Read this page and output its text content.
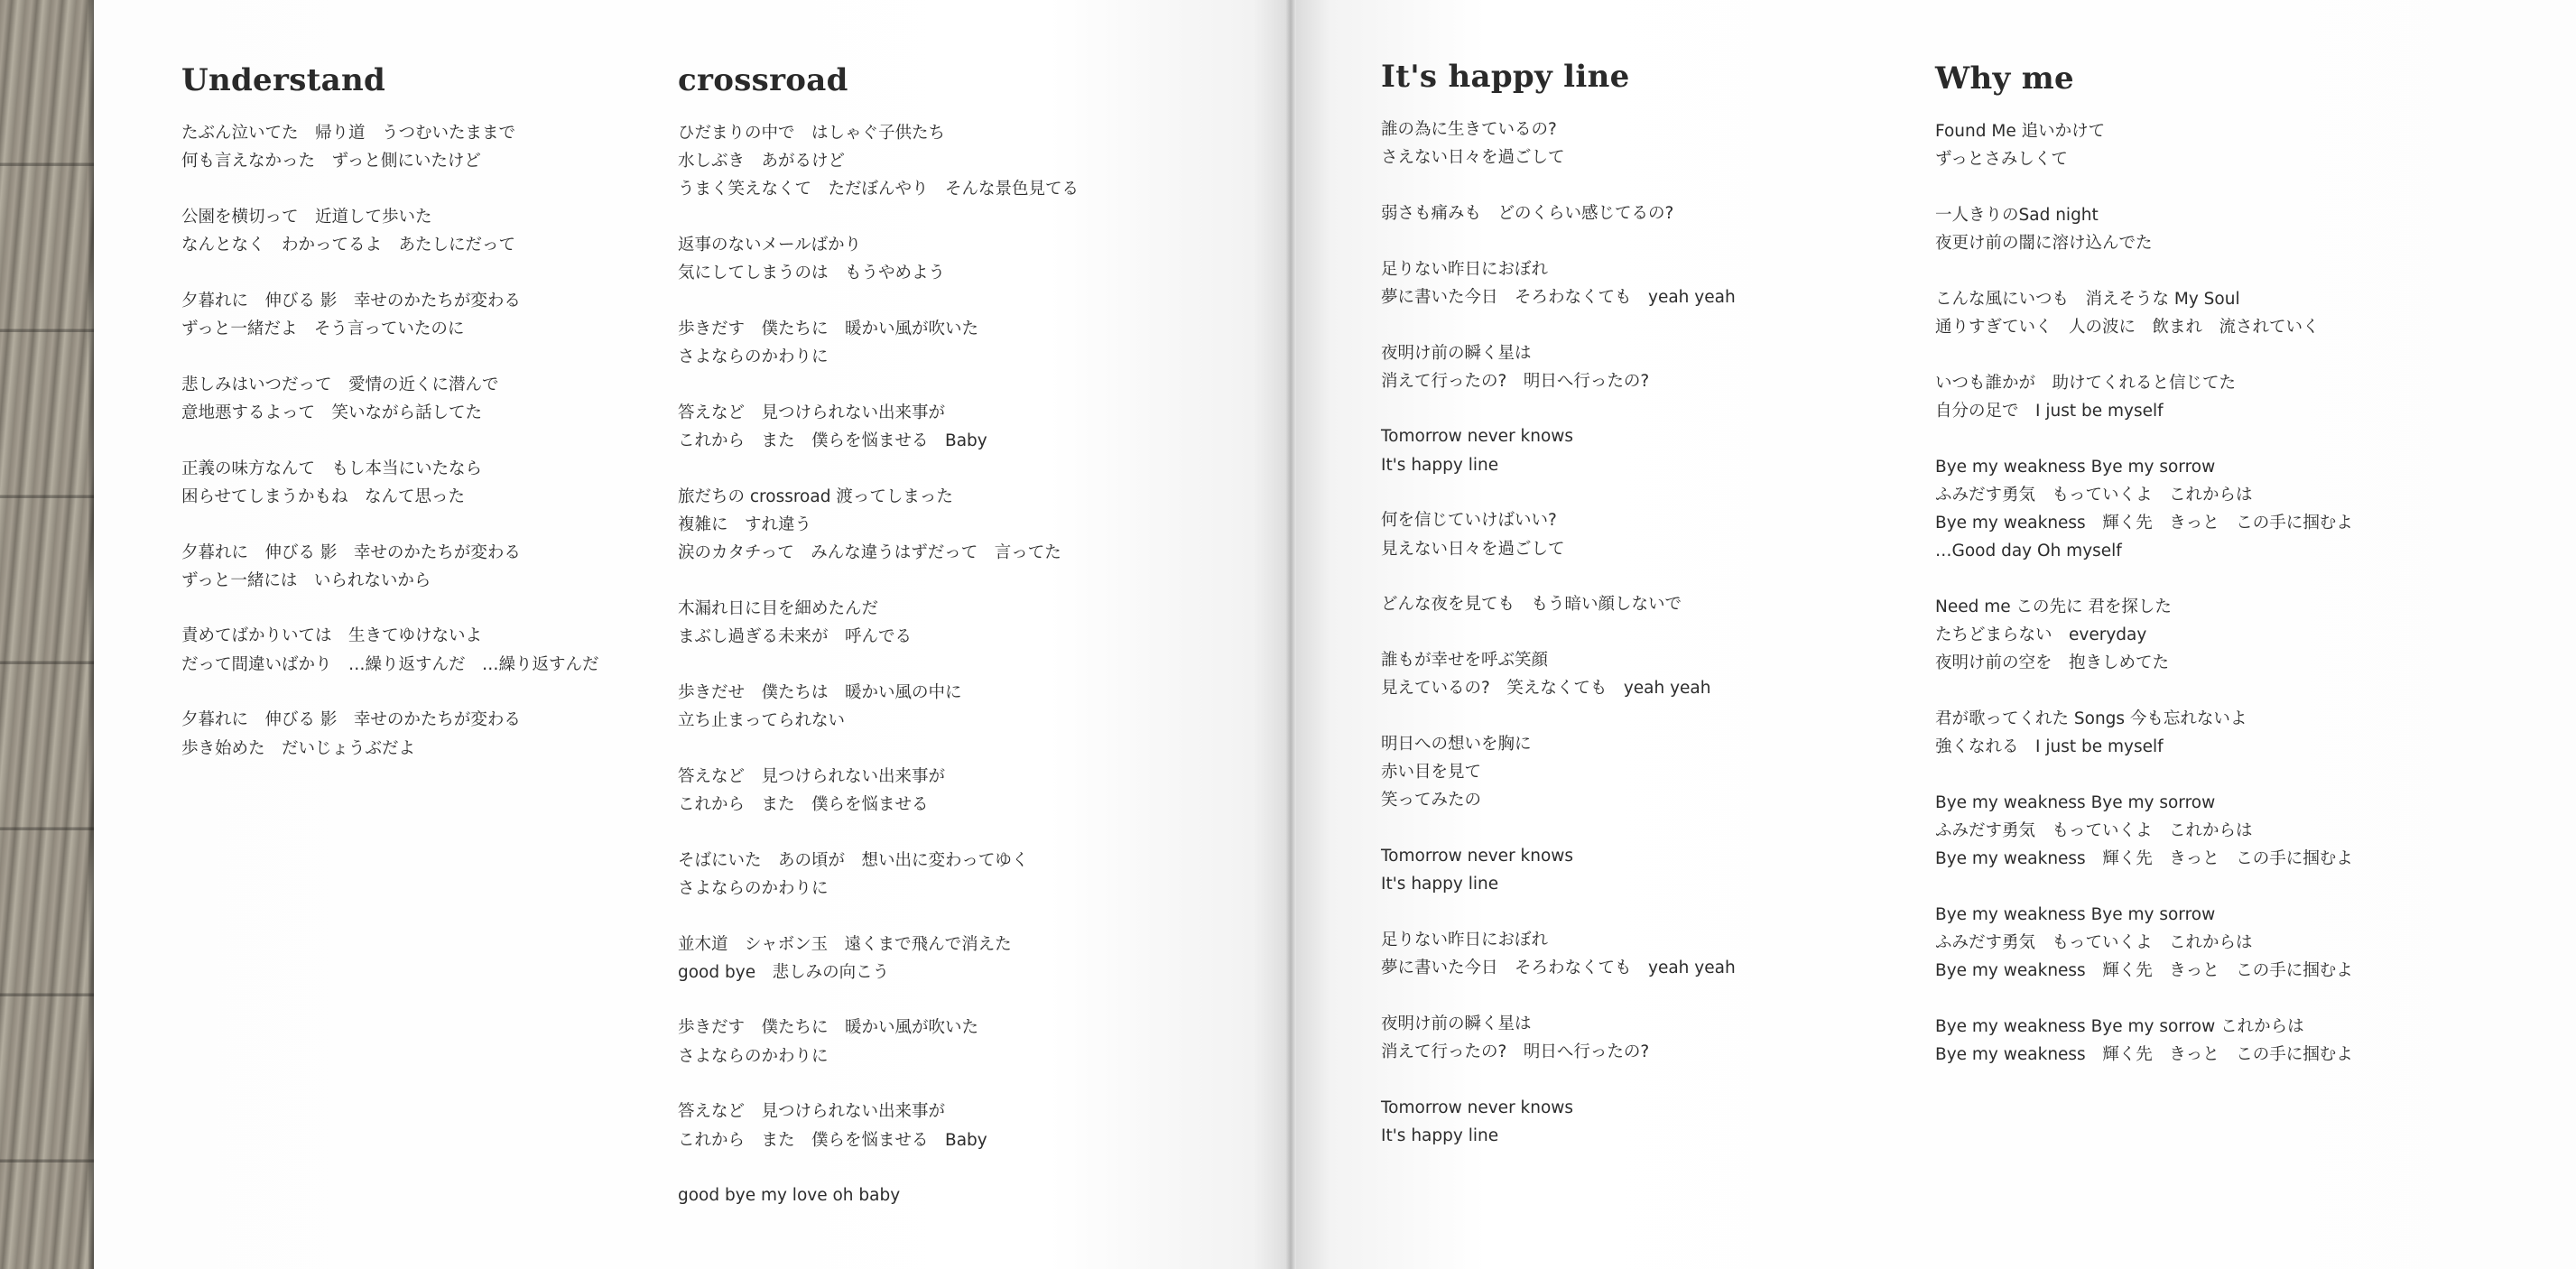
Understand
たぶん泣いてた　帰り道　うつむいたままで
何も言えなかった　ずっと側にいたけど
公園を横切って　近道して歩いた
なんとなく　わかってるよ　あたしにだって
夕暮れに　伸びる 影　幸せのかたちが変わる
ずっと一緒だよ　そう言っていたのに
悲しみはいつだって　愛情の近くに潜んで
意地悪するよって　笑いながら話してた
正義の味方なんて　もし本当にいたなら
困らせてしまうかもね　なんて思った
夕暮れに　伸びる 影　幸せのかたちが変わる
ずっと一緒には　いられないから
責めてばかりいては　生きてゆけないよ
だって間違いばかり　…繰り返すんだ　…繰り返すんだ
夕暮れに　伸びる 影　幸せのかたちが変わる
歩き始めた　だいじょうぶだよ
crossroad
ひだまりの中で　はしゃぐ子供たち
水しぶき　あがるけど
うまく笑えなくて　ただぼんやり　そんな景色見てる
返事のないメールばかり
気にしてしまうのは　もうやめよう
歩きだす　僕たちに　暖かい風が吹いた
さよならのかわりに
答えなど　見つけられない出来事が
これから　また　僕らを悩ませる　Baby
旅だちの crossroad 渡ってしまった
複雑に　すれ違う
涙のカタチって　みんな違うはずだって　言ってた
木漏れ日に目を細めたんだ
まぶし過ぎる未来が　呼んでる
歩きだせ　僕たちは　暖かい風の中に
立ち止まってられない
答えなど　見つけられない出来事が
これから　また　僕らを悩ませる
そばにいた　あの頃が　想い出に変わってゆく
さよならのかわりに
並木道　シャボン玉　遠くまで飛んで消えた
good bye　悲しみの向こう
歩きだす　僕たちに　暖かい風が吹いた
さよならのかわりに
答えなど　見つけられない出来事が
これから　また　僕らを悩ませる　Baby
good bye my love oh baby
It's happy line
誰の為に生きているの?
さえない日々を過ごして
弱さも痛みも　どのくらい感じてるの?
足りない昨日におぼれ
夢に書いた今日　そろわなくても　yeah yeah
夜明け前の瞬く星は
消えて行ったの?　明日へ行ったの?
Tomorrow never knows
It's happy line
何を信じていけばいい?
見えない日々を過ごして
どんな夜を見ても　もう暗い顔しないで
誰もが幸せを呼ぶ笑顔
見えているの?　笑えなくても　yeah yeah
明日への想いを胸に
赤い目を見て
笑ってみたの
Tomorrow never knows
It's happy line
足りない昨日におぼれ
夢に書いた今日　そろわなくても　yeah yeah
夜明け前の瞬く星は
消えて行ったの?　明日へ行ったの?
Tomorrow never knows
It's happy line
Why me
Found Me 追いかけて
ずっとさみしくて
一人きりのSad night
夜更け前の闇に溶け込んでた
こんな風にいつも　消えそうな My Soul
通りすぎていく　人の波に　飲まれ　流されていく
いつも誰かが　助けてくれると信じてた
自分の足で　I just be myself
Bye my weakness Bye my sorrow
ふみだす勇気　もっていくよ　これからは
Bye my weakness　輝く先　きっと　この手に掴むよ
…Good day Oh myself
Need me この先に 君を探した
たちどまらない　everyday
夜明け前の空を　抱きしめてた
君が歌ってくれた Songs 今も忘れないよ
強くなれる　I just be myself
Bye my weakness Bye my sorrow
ふみだす勇気　もっていくよ　これからは
Bye my weakness　輝く先　きっと　この手に掴むよ
Bye my weakness Bye my sorrow
ふみだす勇気　もっていくよ　これからは
Bye my weakness　輝く先　きっと　この手に掴むよ
Bye my weakness Bye my sorrow これからは
Bye my weakness　輝く先　きっと　この手に掴むよ
